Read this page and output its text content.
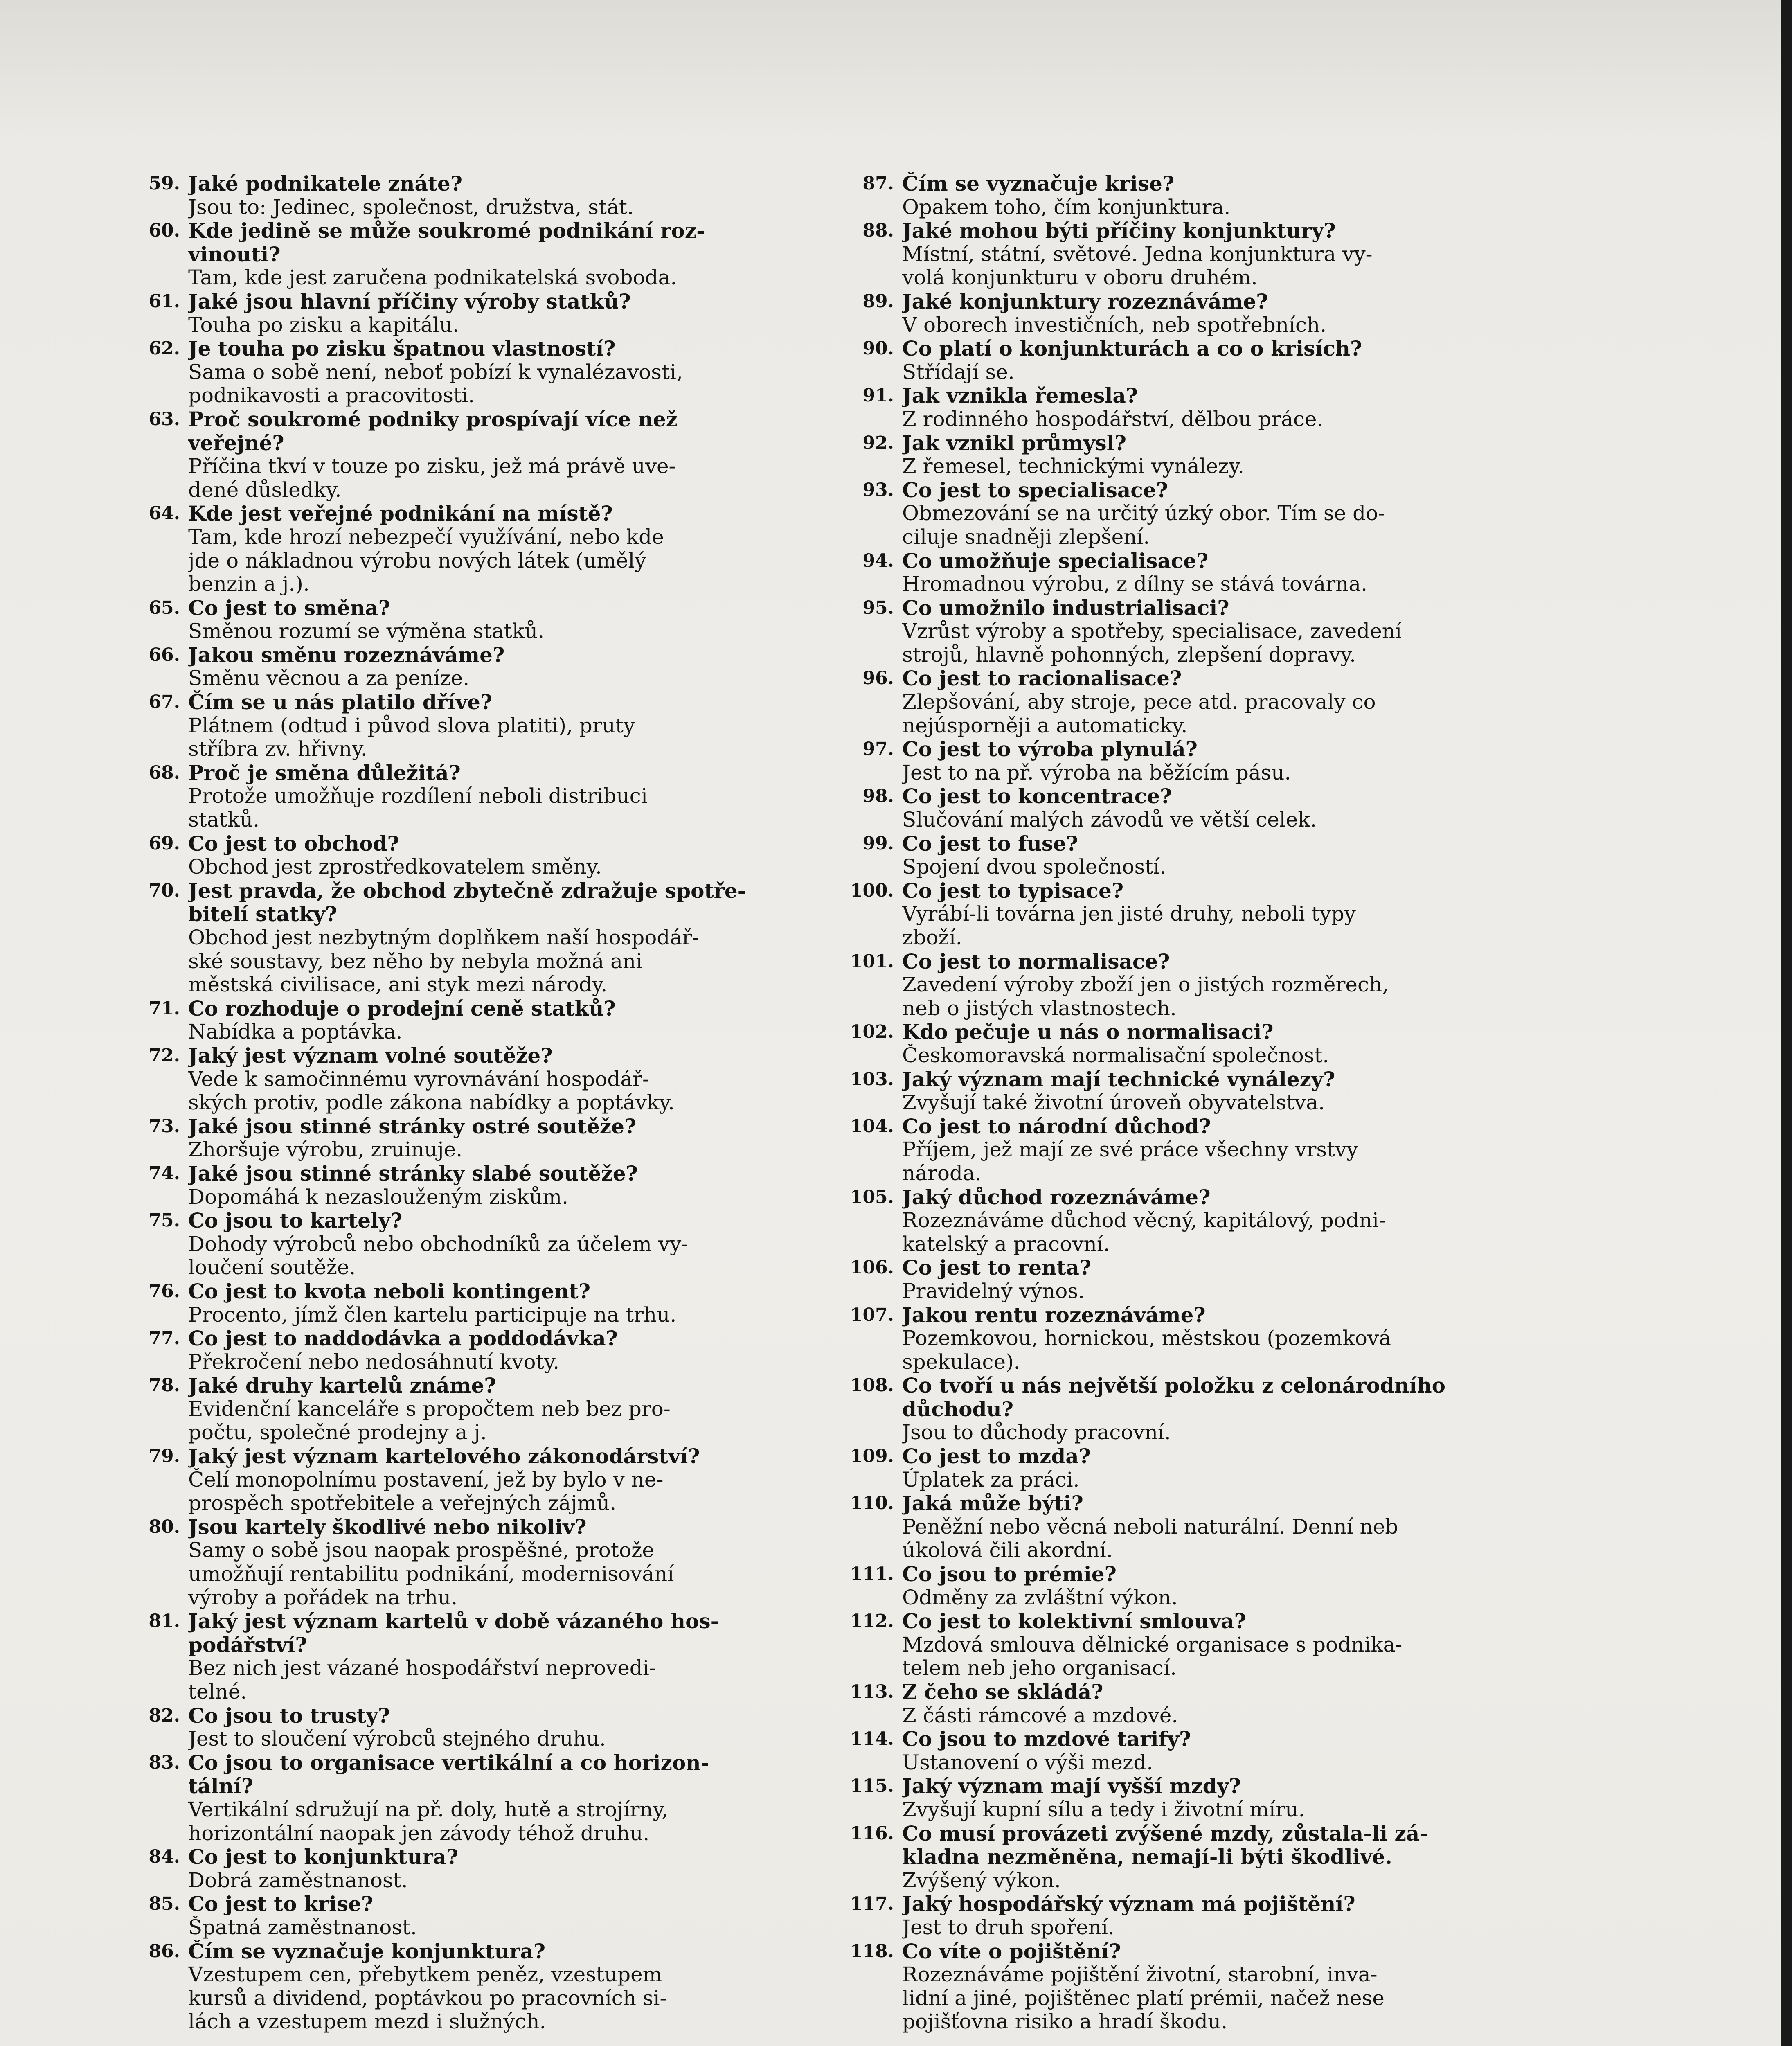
59. Jaké podnikatele znáte?
Jsou to: Jedinec, společnost, družstva, stát.
60. Kde jedině se může soukromé podnikání roz-
vinouti?
Tam, kde jest zaručena podnikatelská svoboda.
61. Jaké jsou hlavní příčiny výroby statků?
Touha po zisku a kapitálu.
62. Je touha po zisku špatnou vlastností?
Sama o sobě není, neboť pobízí k vynalézavosti,
podnikavosti a pracovitosti.
63. Proč soukromé podniky prospívají více než
veřejné?
Příčina tkví v touze po zisku, jež má právě uve-
dené důsledky.
64. Kde jest veřejné podnikání na místě?
Tam, kde hrozí nebezpečí využívání, nebo kde
jde o nákladnou výrobu nových látek (umělý
benzin a j.).
65. Co jest to směna?
Směnou rozumí se výměna statků.
66. Jakou směnu rozeznáváme?
Směnu věcnou a za peníze.
67. Čím se u nás platilo dříve?
Plátnem (odtud i původ slova platiti), pruty
stříbra zv. hřivny.
68. Proč je směna důležitá?
Protože umožňuje rozdílení neboli distribuci
statků.
69. Co jest to obchod?
Obchod jest zprostředkovatelem směny.
70. Jest pravda, že obchod zbytečně zdražuje spotře-
bitelí statky?
Obchod jest nezbytným doplňkem naší hospodář-
ské soustavy, bez něho by nebyla možná ani
městská civilisace, ani styk mezi národy.
71. Co rozhoduje o prodejní ceně statků?
Nabídka a poptávka.
72. Jaký jest význam volné soutěže?
Vede k samočinnému vyrovnávání hospodář-
ských protiv, podle zákona nabídky a poptávky.
73. Jaké jsou stinné stránky ostré soutěže?
Zhoršuje výrobu, zruinuje.
74. Jaké jsou stinné stránky slabé soutěže?
Dopomáhá k nezaslouženým ziskům.
75. Co jsou to kartely?
Dohody výrobců nebo obchodníků za účelem vy-
loučení soutěže.
76. Co jest to kvota neboli kontingent?
Procento, jímž člen kartelu participuje na trhu.
77. Co jest to naddodávka a poddodávka?
Překročení nebo nedosáhnutí kvoty.
78. Jaké druhy kartelů známe?
Evidenční kanceláře s propočtem neb bez pro-
počtu, společné prodejny a j.
79. Jaký jest význam kartelového zákonodárství?
Čelí monopolnímu postavení, jež by bylo v ne-
prospěch spotřebitele a veřejných zájmů.
80. Jsou kartely škodlivé nebo nikoliv?
Samy o sobě jsou naopak prospěšné, protože
umožňují rentabilitu podnikání, modernisování
výroby a pořádek na trhu.
81. Jaký jest význam kartelů v době vázaného hos-
podářství?
Bez nich jest vázané hospodářství neprovedi-
telné.
82. Co jsou to trusty?
Jest to sloučení výrobců stejného druhu.
83. Co jsou to organisace vertikální a co horizon-
tální?
Vertikální sdružují na př. doly, hutě a strojírny,
horizontální naopak jen závody téhož druhu.
84. Co jest to konjunktura?
Dobrá zaměstnanost.
85. Co jest to krise?
Špatná zaměstnanost.
86. Čím se vyznačuje konjunktura?
Vzestupem cen, přebytkem peněz, vzestupem
kursů a dividend, poptávkou po pracovních si-
lách a vzestupem mezd i služných.
87. Čím se vyznačuje krise?
Opakem toho, čím konjunktura.
88. Jaké mohou býti příčiny konjunktury?
Místní, státní, světové. Jedna konjunktura vy-
volá konjunkturu v oboru druhém.
89. Jaké konjunktury rozeznáváme?
V oborech investičních, neb spotřebních.
90. Co platí o konjunkturách a co o krisích?
Střídají se.
91. Jak vznikla řemesla?
Z rodinného hospodářství, dělbou práce.
92. Jak vznikl průmysl?
Z řemesel, technickými vynálezy.
93. Co jest to specialisace?
Obmezování se na určitý úzký obor. Tím se do-
ciluje snadněji zlepšení.
94. Co umožňuje specialisace?
Hromadnou výrobu, z dílny se stává továrna.
95. Co umožnilo industrialisaci?
Vzrůst výroby a spotřeby, specialisace, zavedení
strojů, hlavně pohonných, zlepšení dopravy.
96. Co jest to racionalisace?
Zlepšování, aby stroje, pece atd. pracovaly co
nejúsporněji a automaticky.
97. Co jest to výroba plynulá?
Jest to na př. výroba na běžícím pásu.
98. Co jest to koncentrace?
Slučování malých závodů ve větší celek.
99. Co jest to fuse?
Spojení dvou společností.
100. Co jest to typisace?
Vyrábí-li továrna jen jisté druhy, neboli typy
zboží.
101. Co jest to normalisace?
Zavedení výroby zboží jen o jistých rozměrech,
neb o jistých vlastnostech.
102. Kdo pečuje u nás o normalisaci?
Českomoravská normalisační společnost.
103. Jaký význam mají technické vynálezy?
Zvyšují také životní úroveň obyvatelstva.
104. Co jest to národní důchod?
Příjem, jež mají ze své práce všechny vrstvy
národa.
105. Jaký důchod rozeznáváme?
Rozeznáváme důchod věcný, kapitálový, podni-
katelský a pracovní.
106. Co jest to renta?
Pravidelný výnos.
107. Jakou rentu rozeznáváme?
Pozemkovou, hornickou, městskou (pozemková
spekulace).
108. Co tvoří u nás největší položku z celonárodního
důchodu?
Jsou to důchody pracovní.
109. Co jest to mzda?
Úplatek za práci.
110. Jaká může býti?
Peněžní nebo věcná neboli naturální. Denní neb
úkolová čili akordní.
111. Co jsou to prémie?
Odměny za zvláštní výkon.
112. Co jest to kolektivní smlouva?
Mzdová smlouva dělnické organisace s podnika-
telem neb jeho organisací.
113. Z čeho se skládá?
Z části rámcové a mzdové.
114. Co jsou to mzdové tarify?
Ustanovení o výši mezd.
115. Jaký význam mají vyšší mzdy?
Zvyšují kupní sílu a tedy i životní míru.
116. Co musí provázeti zvýšené mzdy, zůstala-li zá-
kladna nezměněna, nemají-li býti škodlivé.
Zvýšený výkon.
117. Jaký hospodářský význam má pojištění?
Jest to druh spoření.
118. Co víte o pojištění?
Rozeznáváme pojištění životní, starobní, inva-
lidní a jiné, pojištěnec platí prémii, načež nese
pojišťovna risiko a hradí škodu.
